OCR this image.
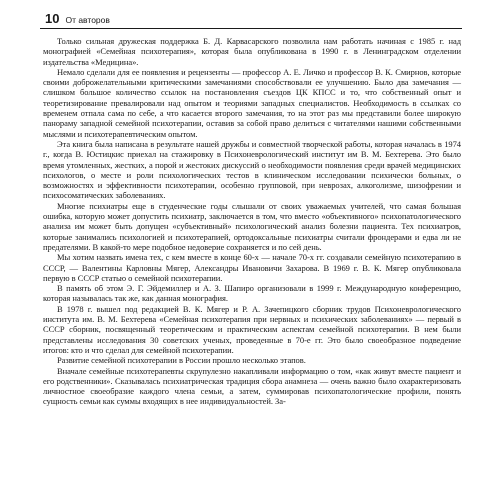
10 От авторов

Только сильная дружеская поддержка Б. Д. Карвасарского позволила нам работать начиная с 1985 г. над монографией «Семейная психотерапия», которая была опубликована в 1990 г. в Ленинградском отделении издательства «Медицина».

Немало сделали для ее появления и рецензенты — профессор А. Е. Личко и профессор В. К. Смирнов, которые своими доброжелательными критическими замечаниями способствовали ее улучшению. Было два замечания — слишком большое количество ссылок на постановления съездов ЦК КПСС и то, что собственный опыт и теоретизирование превалировали над опытом и теориями западных специалистов. Необходимость в ссылках со временем отпала сама по себе, а что касается второго замечания, то на этот раз мы представили более широкую панораму западной семейной психотерапии, оставив за собой право делиться с читателями нашими собственными мыслями и психотерапевтическим опытом.

Эта книга была написана в результате нашей дружбы и совместной творческой работы, которая началась в 1974 г., когда В. Юстицкис приехал на стажировку в Психоневрологический институт им В. М. Бехтерева. Это было время утомленных, жестких, а порой и жестоких дискуссий о необходимости появления среди врачей медицинских психологов, о месте и роли психологических тестов в клиническом исследовании психически больных, о возможностях и эффективности психотерапии, особенно групповой, при неврозах, алкоголизме, шизофрении и психосоматических заболеваниях.

Многие психиатры еще в студенческие годы слышали от своих уважаемых учителей, что самая большая ошибка, которую может допустить психиатр, заключается в том, что вместо «объективного» психопатологического анализа им может быть допущен «субъективный» психологический анализ болезни пациента. Тех психиатров, которые занимались психологией и психотерапией, ортодоксальные психиатры считали фрондерами и едва ли не предателями. В какой-то мере подобное недоверие сохраняется и по сей день.

Мы хотим назвать имена тех, с кем вместе в конце 60-х — начале 70-х гг. создавали семейную психотерапию в СССР, — Валентины Карловны Мягер, Александры Ивановичи Захарова. В 1969 г. В. К. Мягер опубликовала первую в СССР статью о семейной психотерапии.

В память об этом Э. Г. Эйдемиллер и А. З. Шапиро организовали в 1999 г. Международную конференцию, которая называлась так же, как данная монография.

В 1978 г. вышел под редакцией В. К. Мягер и Р. А. Зачепицкого сборник трудов Психоневрологического института им. В. М. Бехтерева «Семейная психотерапия при нервных и психических заболеваниях» — первый в СССР сборник, посвященный теоретическим и практическим аспектам семейной психотерапии. В нем были представлены исследования 30 советских ученых, проведенные в 70-е гг. Это было своеобразное подведение итогов: кто и что сделал для семейной психотерапии.

Развитие семейной психотерапии в России прошло несколько этапов.

Вначале семейные психотерапевты скрупулезно накапливали информацию о том, «как живут вместе пациент и его родственники». Сказывалась психиатрическая традиция сбора анамнеза — очень важно было охарактеризовать личностное своеобразие каждого члена семьи, а затем, суммировав психопатологические профили, понять сущность семьи как суммы входящих в нее индивидуальностей. За-
